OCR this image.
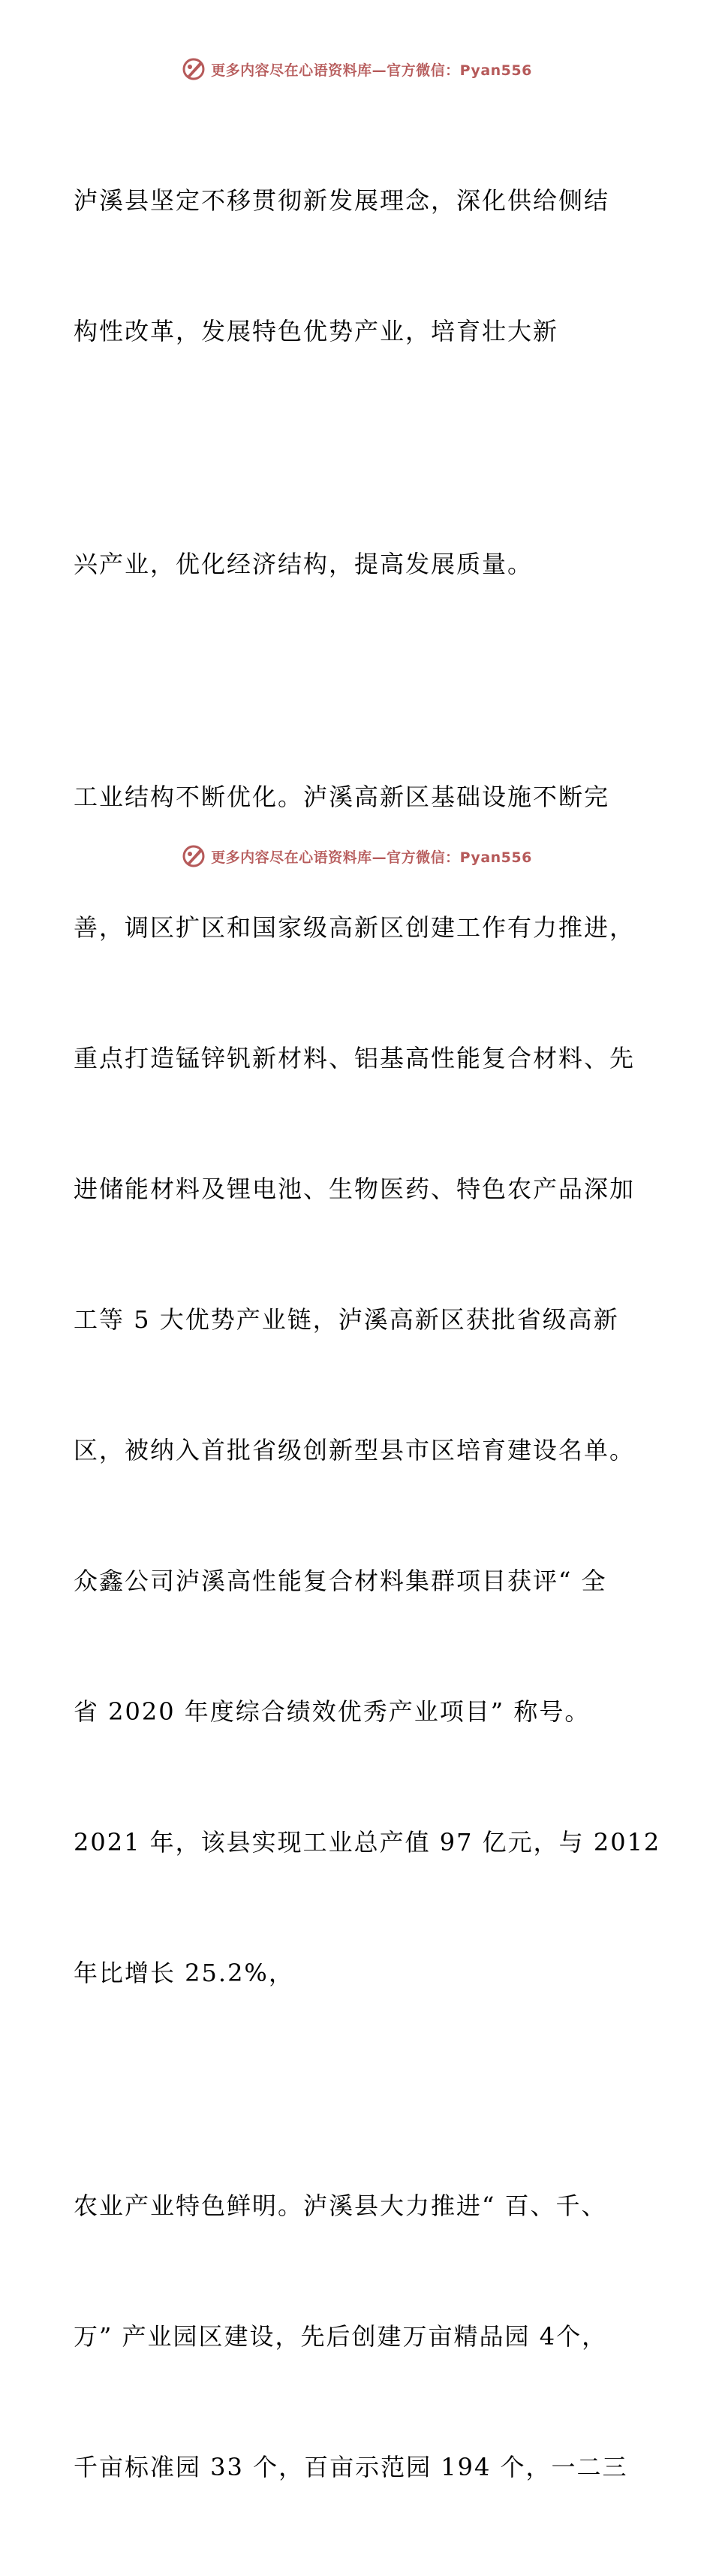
更多内容尽在心语资料库—官方微信：Pyan556

泸溪县坚定不移贯彻新发展理念，深化供给侧结

构性改革，发展特色优势产业，培育壮大新

兴产业，优化经济结构，提高发展质量。

工业结构不断优化。泸溪高新区基础设施不断完

善，调区扩区和国家级高新区创建工作有力推进，

重点打造锰锌钒新材料、铝基高性能复合材料、先

进储能材料及锂电池、生物医药、特色农产品深加

工等 5 大优势产业链，泸溪高新区获批省级高新

区，被纳入首批省级创新型县市区培育建设名单。

众鑫公司泸溪高性能复合材料集群项目获评“ 全

省 2020 年度综合绩效优秀产业项目” 称号。

2021 年，该县实现工业总产值 97 亿元，与 2012

年比增长 25.2%，

农业产业特色鲜明。泸溪县大力推进“ 百、千、

万” 产业园区建设，先后创建万亩精品园 4个，

千亩标准园 33 个，百亩示范园 194 个，一二三

更多内容尽在心语资料库—官方微信：Pyan556
